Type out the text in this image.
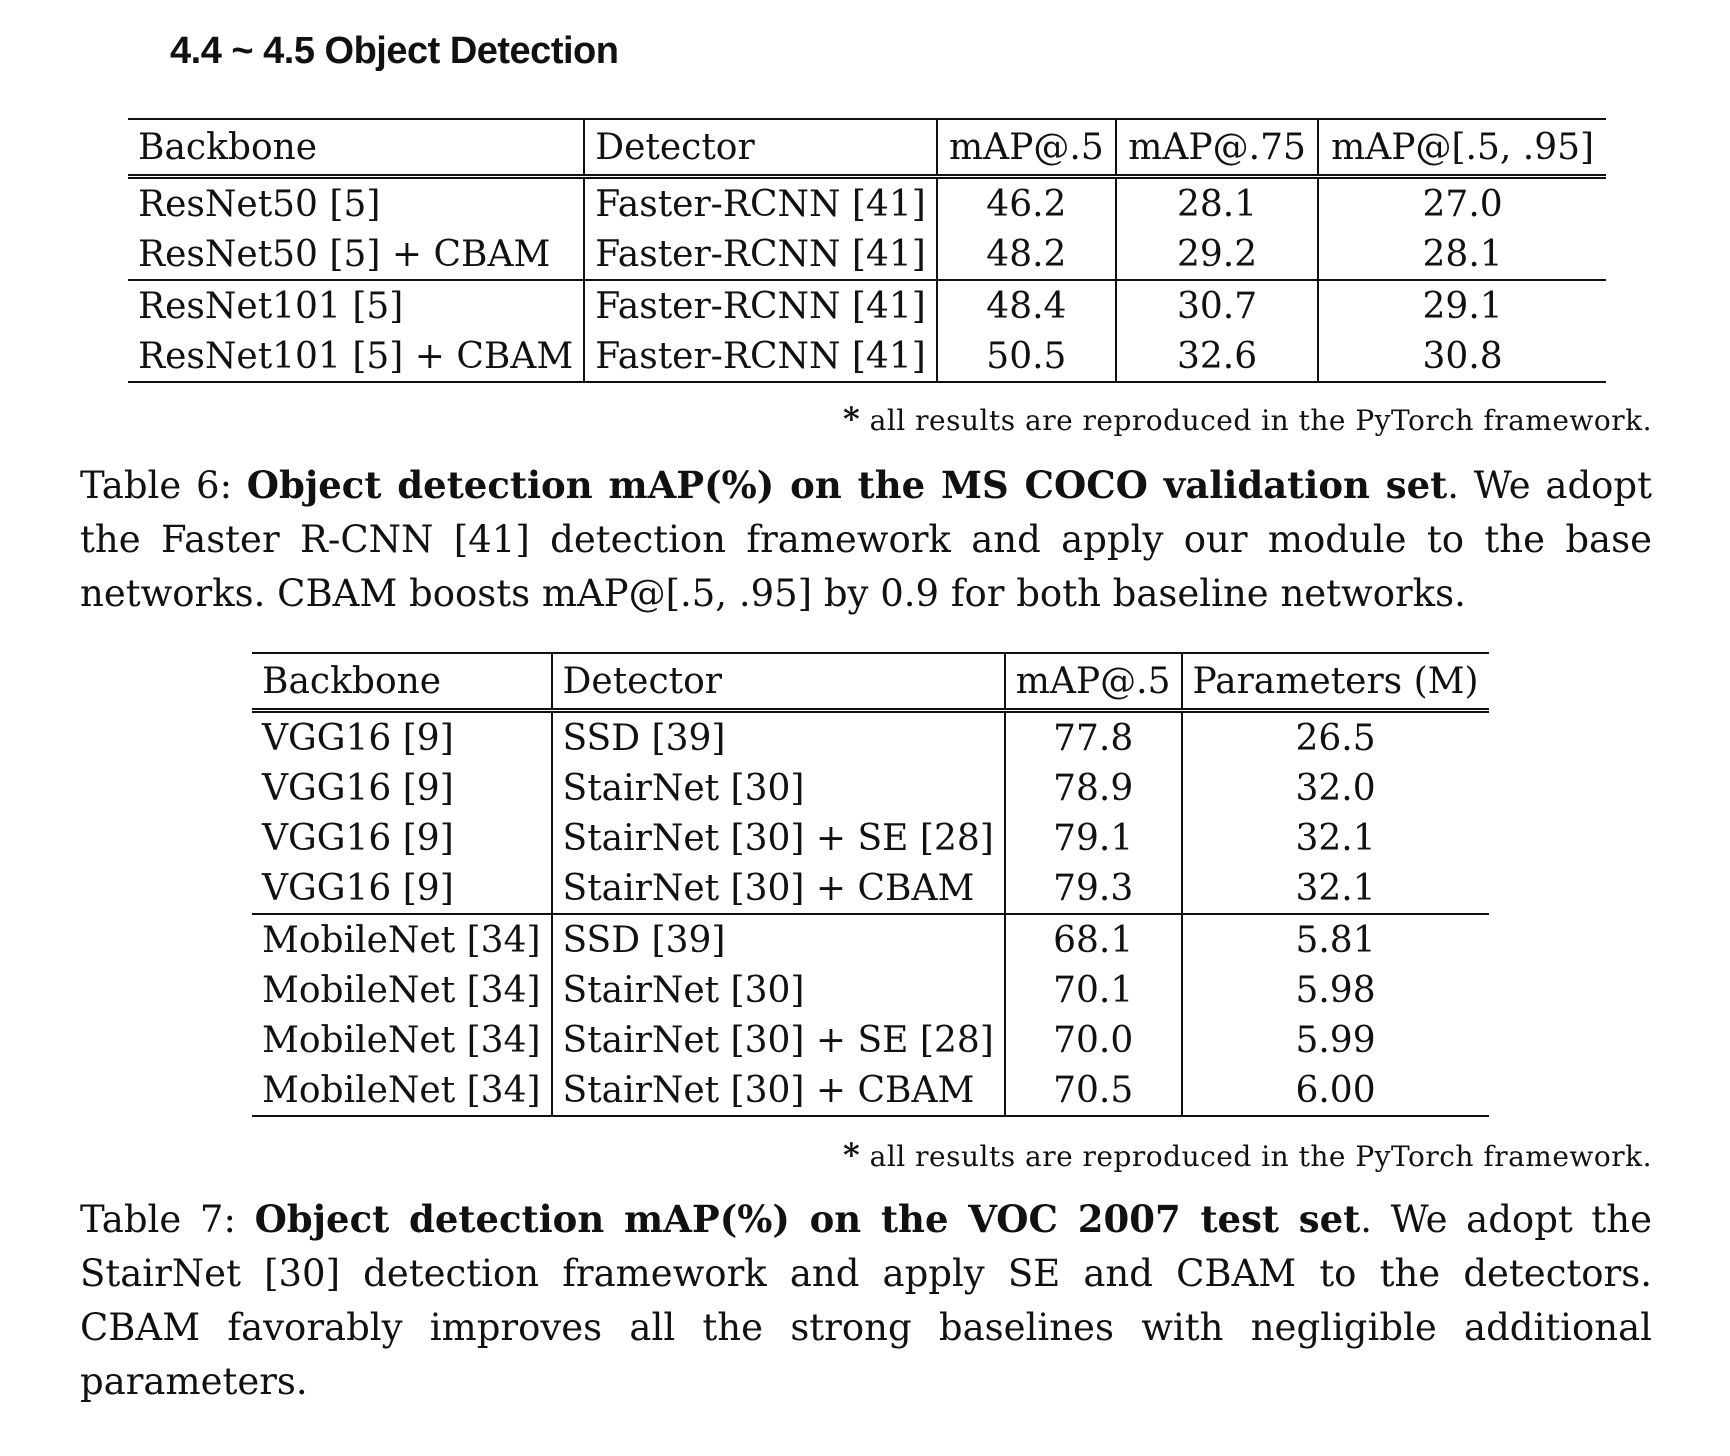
4.4 ~ 4.5 Object Detection
Backbone	Detector	mAP@.5	mAP@.75	mAP@[.5, .95]
ResNet50 [5]	Faster-RCNN [41]	46.2	28.1	27.0
ResNet50 [5] + CBAM	Faster-RCNN [41]	48.2	29.2	28.1
ResNet101 [5]	Faster-RCNN [41]	48.4	30.7	29.1
ResNet101 [5] + CBAM	Faster-RCNN [41]	50.5	32.6	30.8
* all results are reproduced in the PyTorch framework.

Table 6: Object detection mAP(%) on the MS COCO validation set. We adopt the Faster R-CNN [41] detection framework and apply our module to the base networks. CBAM boosts mAP@[.5, .95] by 0.9 for both baseline networks.

Backbone	Detector	mAP@.5	Parameters (M)
VGG16 [9]	SSD [39]	77.8	26.5
VGG16 [9]	StairNet [30]	78.9	32.0
VGG16 [9]	StairNet [30] + SE [28]	79.1	32.1
VGG16 [9]	StairNet [30] + CBAM	79.3	32.1
MobileNet [34]	SSD [39]	68.1	5.81
MobileNet [34]	StairNet [30]	70.1	5.98
MobileNet [34]	StairNet [30] + SE [28]	70.0	5.99
MobileNet [34]	StairNet [30] + CBAM	70.5	6.00
* all results are reproduced in the PyTorch framework.

Table 7: Object detection mAP(%) on the VOC 2007 test set. We adopt the StairNet [30] detection framework and apply SE and CBAM to the detectors. CBAM favorably improves all the strong baselines with negligible additional parameters.
